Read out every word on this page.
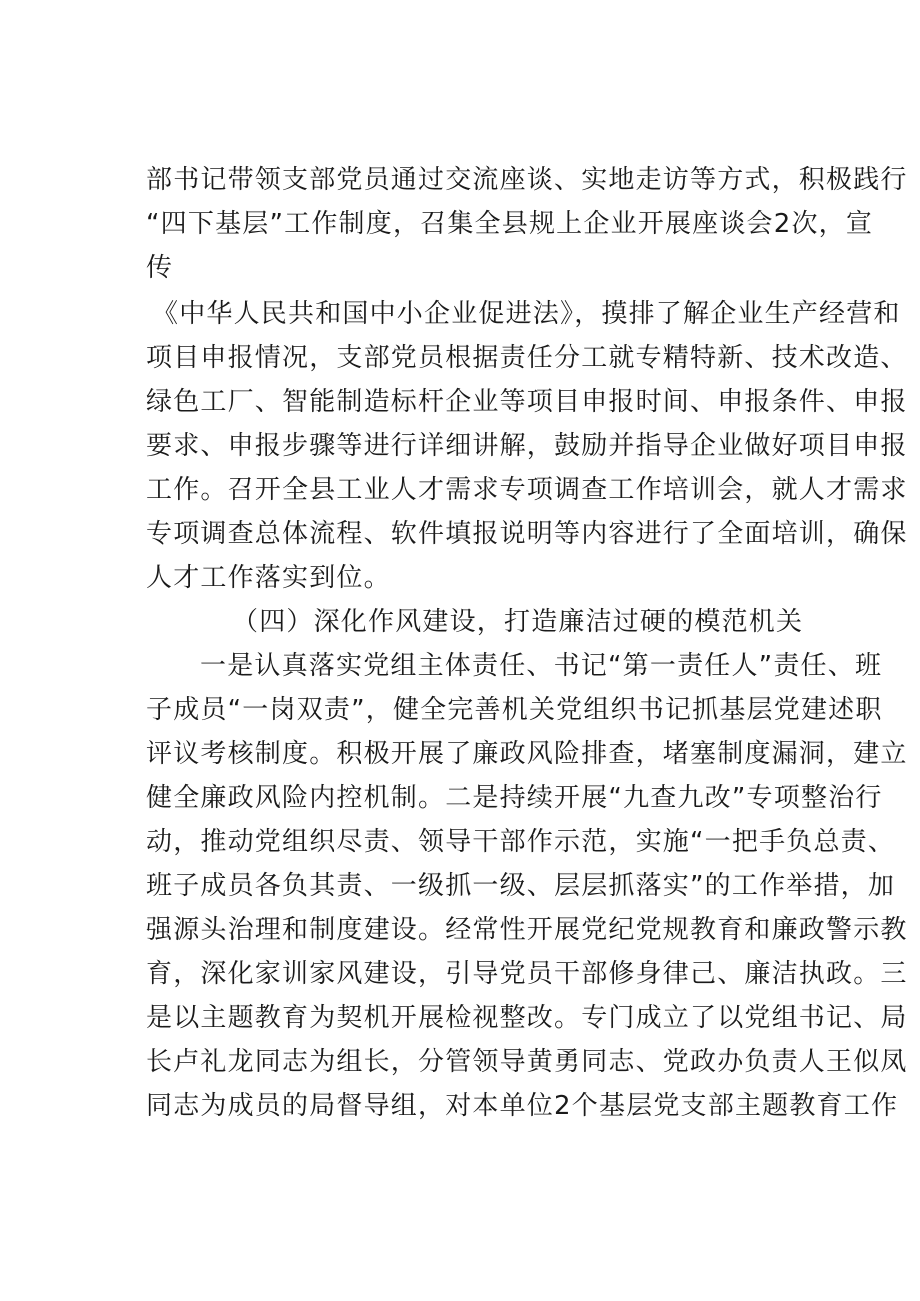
部书记带领支部党员通过交流座谈、实地走访等方式，积极践行
“四下基层”工作制度，召集全县规上企业开展座谈会2次，宣
传
《中华人民共和国中小企业促进法》，摸排了解企业生产经营和
项目申报情况，支部党员根据责任分工就专精特新、技术改造、
绿色工厂、智能制造标杆企业等项目申报时间、申报条件、申报
要求、申报步骤等进行详细讲解，鼓励并指导企业做好项目申报
工作。召开全县工业人才需求专项调查工作培训会，就人才需求
专项调查总体流程、软件填报说明等内容进行了全面培训，确保
人才工作落实到位。
（四）深化作风建设，打造廉洁过硬的模范机关
一是认真落实党组主体责任、书记“第一责任人”责任、班
子成员“一岗双责”，健全完善机关党组织书记抓基层党建述职
评议考核制度。积极开展了廉政风险排查，堵塞制度漏洞，建立
健全廉政风险内控机制。二是持续开展“九查九改”专项整治行
动，推动党组织尽责、领导干部作示范，实施“一把手负总责、
班子成员各负其责、一级抓一级、层层抓落实”的工作举措，加
强源头治理和制度建设。经常性开展党纪党规教育和廉政警示教
育，深化家训家风建设，引导党员干部修身律己、廉洁执政。三
是以主题教育为契机开展检视整改。专门成立了以党组书记、局
长卢礼龙同志为组长，分管领导黄勇同志、党政办负责人王似凤
同志为成员的局督导组，对本单位2个基层党支部主题教育工作
